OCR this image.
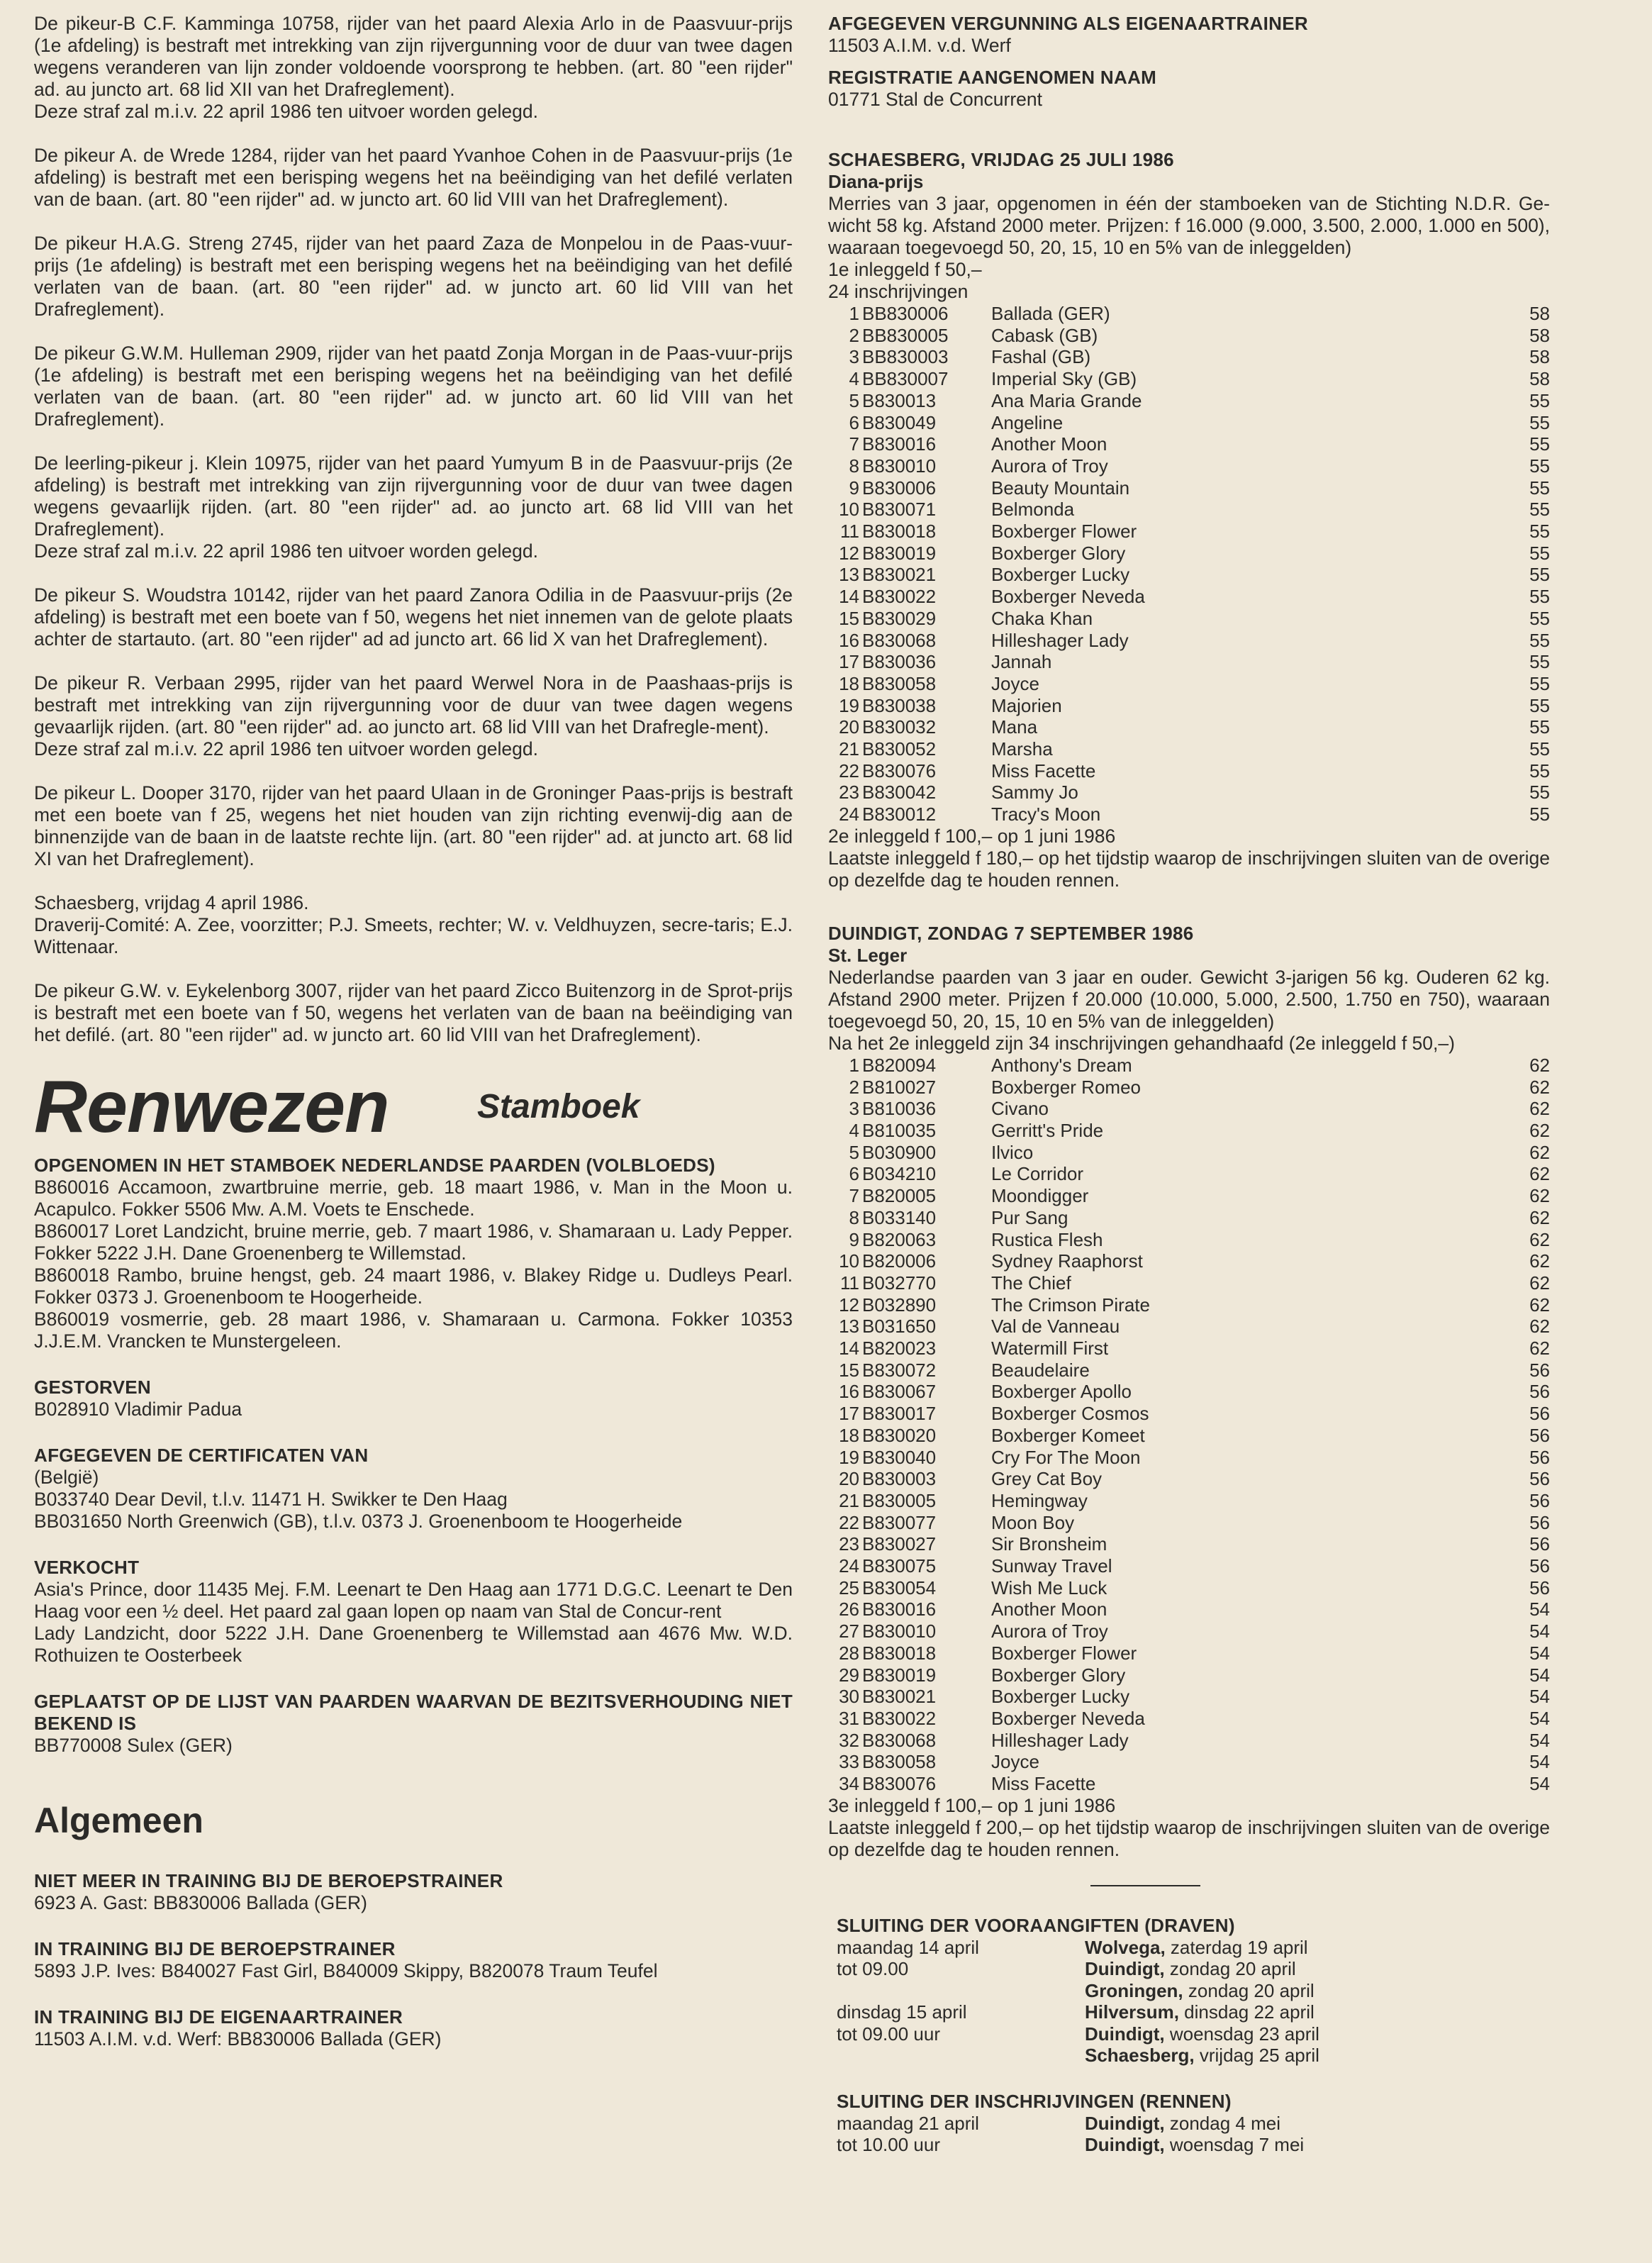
De pikeur-B C.F. Kamminga 10758, rijder van het paard Alexia Arlo in de Paasvuur-prijs (1e afdeling) is bestraft met intrekking van zijn rijvergunning voor de duur van twee dagen wegens veranderen van lijn zonder voldoende voorsprong te hebben. (art. 80 "een rijder" ad. au juncto art. 68 lid XII van het Drafreglement).

Deze straf zal m.i.v. 22 april 1986 ten uitvoer worden gelegd.

De pikeur A. de Wrede 1284, rijder van het paard Yvanhoe Cohen in de Paasvuur-prijs (1e afdeling) is bestraft met een berisping wegens het na beëindiging van het defilé verlaten van de baan. (art. 80 "een rijder" ad. w juncto art. 60 lid VIII van het Drafreglement).

De pikeur H.A.G. Streng 2745, rijder van het paard Zaza de Monpelou in de Paas-vuur-prijs (1e afdeling) is bestraft met een berisping wegens het na beëindiging van het defilé verlaten van de baan. (art. 80 "een rijder" ad. w juncto art. 60 lid VIII van het Drafreglement).

De pikeur G.W.M. Hulleman 2909, rijder van het paatd Zonja Morgan in de Paas-vuur-prijs (1e afdeling) is bestraft met een berisping wegens het na beëindiging van het defilé verlaten van de baan. (art. 80 "een rijder" ad. w juncto art. 60 lid VIII van het Drafreglement).

De leerling-pikeur j. Klein 10975, rijder van het paard Yumyum B in de Paasvuur-prijs (2e afdeling) is bestraft met intrekking van zijn rijvergunning voor de duur van twee dagen wegens gevaarlijk rijden. (art. 80 "een rijder" ad. ao juncto art. 68 lid VIII van het Drafreglement).

Deze straf zal m.i.v. 22 april 1986 ten uitvoer worden gelegd.

De pikeur S. Woudstra 10142, rijder van het paard Zanora Odilia in de Paasvuur-prijs (2e afdeling) is bestraft met een boete van f 50, wegens het niet innemen van de gelote plaats achter de startauto. (art. 80 "een rijder" ad ad juncto art. 66 lid X van het Drafreglement).

De pikeur R. Verbaan 2995, rijder van het paard Werwel Nora in de Paashaas-prijs is bestraft met intrekking van zijn rijvergunning voor de duur van twee dagen wegens gevaarlijk rijden. (art. 80 "een rijder" ad. ao juncto art. 68 lid VIII van het Drafregle-ment).

Deze straf zal m.i.v. 22 april 1986 ten uitvoer worden gelegd.

De pikeur L. Dooper 3170, rijder van het paard Ulaan in de Groninger Paas-prijs is bestraft met een boete van f 25, wegens het niet houden van zijn richting evenwij-dig aan de binnenzijde van de baan in de laatste rechte lijn. (art. 80 "een rijder" ad. at juncto art. 68 lid XI van het Drafreglement).

Schaesberg, vrijdag 4 april 1986.

Draverij-Comité: A. Zee, voorzitter; P.J. Smeets, rechter; W. v. Veldhuyzen, secre-taris; E.J. Wittenaar.

De pikeur G.W. v. Eykelenborg 3007, rijder van het paard Zicco Buitenzorg in de Sprot-prijs is bestraft met een boete van f 50, wegens het verlaten van de baan na beëindiging van het defilé. (art. 80 "een rijder" ad. w juncto art. 60 lid VIII van het Drafreglement).

Renwezen	Stamboek

OPGENOMEN IN HET STAMBOEK NEDERLANDSE PAARDEN (VOLBLOEDS)

B860016 Accamoon, zwartbruine merrie, geb. 18 maart 1986, v. Man in the Moon u. Acapulco. Fokker 5506 Mw. A.M. Voets te Enschede.

B860017 Loret Landzicht, bruine merrie, geb. 7 maart 1986, v. Shamaraan u. Lady Pepper. Fokker 5222 J.H. Dane Groenenberg te Willemstad.

B860018 Rambo, bruine hengst, geb. 24 maart 1986, v. Blakey Ridge u. Dudleys Pearl. Fokker 0373 J. Groenenboom te Hoogerheide.

B860019 vosmerrie, geb. 28 maart 1986, v. Shamaraan u. Carmona. Fokker 10353 J.J.E.M. Vrancken te Munstergeleen.

GESTORVEN

B028910 Vladimir Padua

AFGEGEVEN DE CERTIFICATEN VAN

(België)

B033740 Dear Devil, t.l.v. 11471 H. Swikker te Den Haag

BB031650 North Greenwich (GB), t.l.v. 0373 J. Groenenboom te Hoogerheide

VERKOCHT

Asia's Prince, door 11435 Mej. F.M. Leenart te Den Haag aan 1771 D.G.C. Leenart te Den Haag voor een ½ deel. Het paard zal gaan lopen op naam van Stal de Concur-rent

Lady Landzicht, door 5222 J.H. Dane Groenenberg te Willemstad aan 4676 Mw. W.D. Rothuizen te Oosterbeek

GEPLAATST OP DE LIJST VAN PAARDEN WAARVAN DE BEZITSVERHOUDING NIET BEKEND IS

BB770008 Sulex (GER)

Algemeen

NIET MEER IN TRAINING BIJ DE BEROEPSTRAINER

6923 A. Gast: BB830006 Ballada (GER)

IN TRAINING BIJ DE BEROEPSTRAINER

5893 J.P. Ives: B840027 Fast Girl, B840009 Skippy, B820078 Traum Teufel

IN TRAINING BIJ DE EIGENAARTRAINER

11503 A.I.M. v.d. Werf: BB830006 Ballada (GER)

AFGEGEVEN VERGUNNING ALS EIGENAARTRAINER

11503 A.I.M. v.d. Werf

REGISTRATIE AANGENOMEN NAAM

01771 Stal de Concurrent

SCHAESBERG, VRIJDAG 25 JULI 1986

Diana-prijs

Merries van 3 jaar, opgenomen in één der stamboeken van de Stichting N.D.R. Ge-wicht 58 kg. Afstand 2000 meter. Prijzen: f 16.000 (9.000, 3.500, 2.000, 1.000 en 500), waaraan toegevoegd 50, 20, 15, 10 en 5% van de inleggelden)

1e inleggeld f 50,–

24 inschrijvingen

1 BB830006	Ballada (GER)	58
2 BB830005	Cabask (GB)	58
3 BB830003	Fashal (GB)	58
4 BB830007	Imperial Sky (GB)	58
5 B830013	Ana Maria Grande	55
6 B830049	Angeline	55
7 B830016	Another Moon	55
8 B830010	Aurora of Troy	55
9 B830006	Beauty Mountain	55
10 B830071	Belmonda	55
11 B830018	Boxberger Flower	55
12 B830019	Boxberger Glory	55
13 B830021	Boxberger Lucky	55
14 B830022	Boxberger Neveda	55
15 B830029	Chaka Khan	55
16 B830068	Hilleshager Lady	55
17 B830036	Jannah	55
18 B830058	Joyce	55
19 B830038	Majorien	55
20 B830032	Mana	55
21 B830052	Marsha	55
22 B830076	Miss Facette	55
23 B830042	Sammy Jo	55
24 B830012	Tracy's Moon	55

2e inleggeld f 100,– op 1 juni 1986

Laatste inleggeld f 180,– op het tijdstip waarop de inschrijvingen sluiten van de overige op dezelfde dag te houden rennen.

DUINDIGT, ZONDAG 7 SEPTEMBER 1986

St. Leger

Nederlandse paarden van 3 jaar en ouder. Gewicht 3-jarigen 56 kg. Ouderen 62 kg. Afstand 2900 meter. Prijzen f 20.000 (10.000, 5.000, 2.500, 1.750 en 750), waaraan toegevoegd 50, 20, 15, 10 en 5% van de inleggelden)

Na het 2e inleggeld zijn 34 inschrijvingen gehandhaafd (2e inleggeld f 50,–)

1 B820094	Anthony's Dream	62
2 B810027	Boxberger Romeo	62
3 B810036	Civano	62
4 B810035	Gerritt's Pride	62
5 B030900	Ilvico	62
6 B034210	Le Corridor	62
7 B820005	Moondigger	62
8 B033140	Pur Sang	62
9 B820063	Rustica Flesh	62
10 B820006	Sydney Raaphorst	62
11 B032770	The Chief	62
12 B032890	The Crimson Pirate	62
13 B031650	Val de Vanneau	62
14 B820023	Watermill First	62
15 B830072	Beaudelaire	56
16 B830067	Boxberger Apollo	56
17 B830017	Boxberger Cosmos	56
18 B830020	Boxberger Komeet	56
19 B830040	Cry For The Moon	56
20 B830003	Grey Cat Boy	56
21 B830005	Hemingway	56
22 B830077	Moon Boy	56
23 B830027	Sir Bronsheim	56
24 B830075	Sunway Travel	56
25 B830054	Wish Me Luck	56
26 B830016	Another Moon	54
27 B830010	Aurora of Troy	54
28 B830018	Boxberger Flower	54
29 B830019	Boxberger Glory	54
30 B830021	Boxberger Lucky	54
31 B830022	Boxberger Neveda	54
32 B830068	Hilleshager Lady	54
33 B830058	Joyce	54
34 B830076	Miss Facette	54

3e inleggeld f 100,– op 1 juni 1986

Laatste inleggeld f 200,– op het tijdstip waarop de inschrijvingen sluiten van de overige op dezelfde dag te houden rennen.

SLUITING DER VOORAANGIFTEN (DRAVEN)

maandag 14 april	Wolvega, zaterdag 19 april
tot 09.00	Duindigt, zondag 20 april
Groningen, zondag 20 april
dinsdag 15 april	Hilversum, dinsdag 22 april
tot 09.00 uur	Duindigt, woensdag 23 april
Schaesberg, vrijdag 25 april

SLUITING DER INSCHRIJVINGEN (RENNEN)

maandag 21 april	Duindigt, zondag 4 mei
tot 10.00 uur	Duindigt, woensdag 7 mei
